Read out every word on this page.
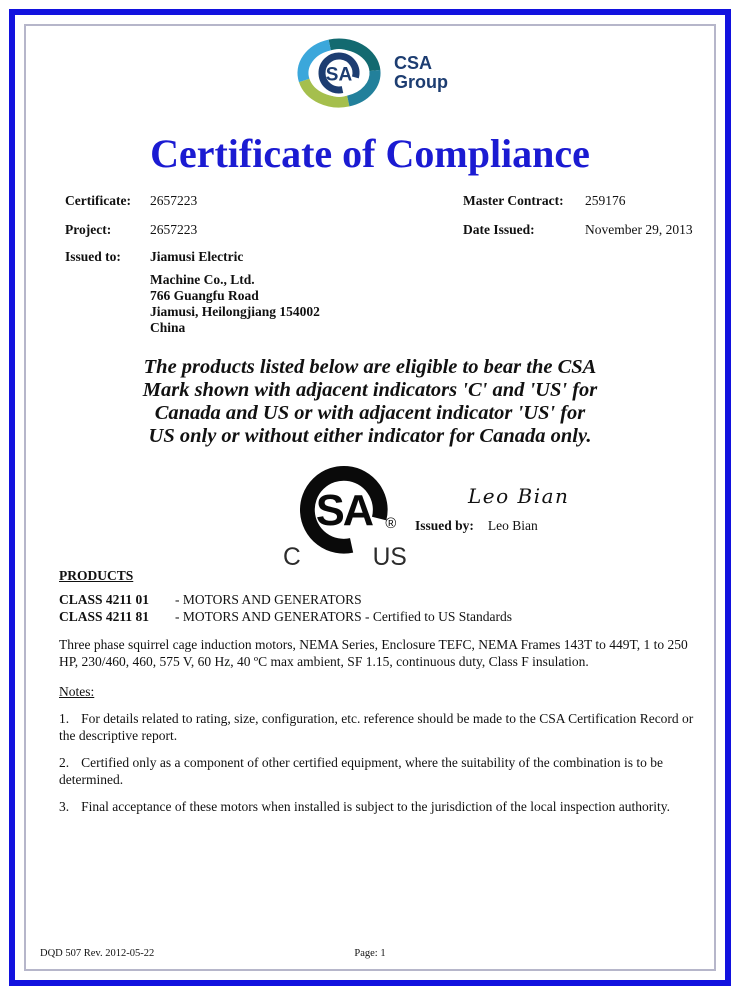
SA
CSA
Group
Certificate of Compliance
Certificate: 2657223	Master Contract: 259176
Project:	2657223	Date Issued:	November 29, 2013
Issued to: Jiamusi Electric
Machine Co., Ltd.
766 Guangfu Road
Jiamusi, Heilongjiang 154002
China
The products listed below are eligible to bear the CSA
Mark shown with adjacent indicators 'C' and 'US' for
Canada and US or with adjacent indicator 'US' for
US only or without either indicator for Canada only.
SA ®
C	US
Leo Bian
Issued by: Leo Bian
PRODUCTS
CLASS 4211 01	- MOTORS AND GENERATORS
CLASS 4211 81	- MOTORS AND GENERATORS - Certified to US Standards
Three phase squirrel cage induction motors, NEMA Series, Enclosure TEFC, NEMA Frames 143T to 449T, 1 to 250 HP, 230/460, 460, 575 V, 60 Hz, 40 ºC max ambient, SF 1.15, continuous duty, Class F insulation.
Notes:
1. For details related to rating, size, configuration, etc. reference should be made to the CSA Certification Record or the descriptive report.
2. Certified only as a component of other certified equipment, where the suitability of the combination is to be determined.
3. Final acceptance of these motors when installed is subject to the jurisdiction of the local inspection authority.
DQD 507 Rev. 2012-05-22	Page: 1
